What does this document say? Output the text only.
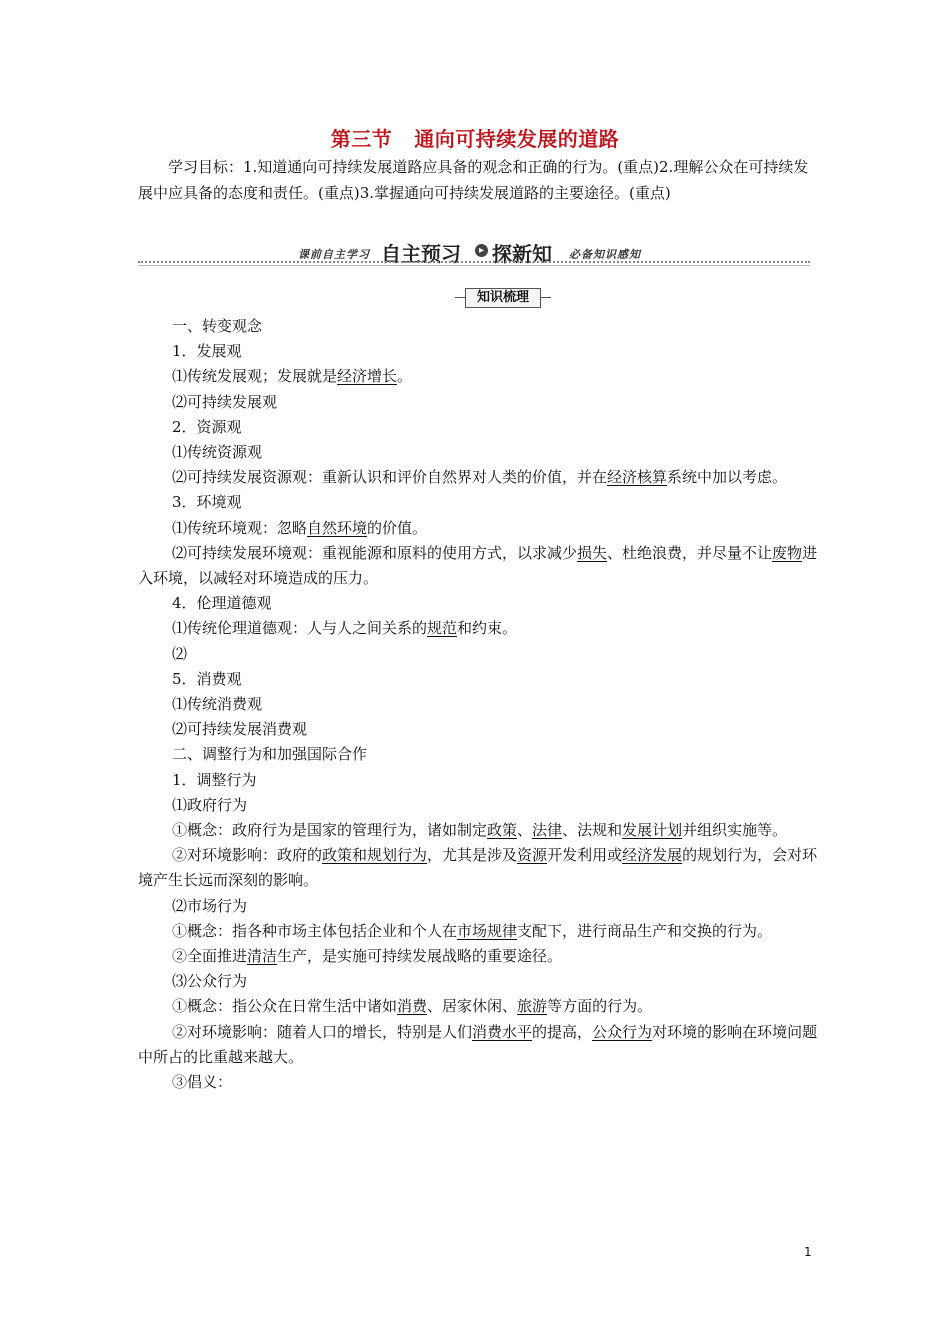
第三节 通向可持续发展的道路
学习目标：1.知道通向可持续发展道路应具备的观念和正确的行为。(重点)2.理解公众在可持续发展中应具备的态度和责任。(重点)3.掌握通向可持续发展道路的主要途径。(重点)
课前自主学习 自主预习	▸ 探新知 必备知识感知
知识梳理

一、转变观念

1．发展观

⑴传统发展观；发展就是经济增长。

⑵可持续发展观

2．资源观

⑴传统资源观

⑵可持续发展资源观：重新认识和评价自然界对人类的价值，并在经济核算系统中加以考虑。

3．环境观

⑴传统环境观：忽略自然环境的价值。

⑵可持续发展环境观：重视能源和原料的使用方式，以求减少损失、杜绝浪费，并尽量不让废物进入环境，以减轻对环境造成的压力。

4．伦理道德观

⑴传统伦理道德观：人与人之间关系的规范和约束。

⑵

5．消费观

⑴传统消费观

⑵可持续发展消费观

二、调整行为和加强国际合作

1．调整行为

⑴政府行为

①概念：政府行为是国家的管理行为，诸如制定政策、法律、法规和发展计划并组织实施等。

②对环境影响：政府的政策和规划行为，尤其是涉及资源开发利用或经济发展的规划行为，会对环境产生长远而深刻的影响。

⑵市场行为

①概念：指各种市场主体包括企业和个人在市场规律支配下，进行商品生产和交换的行为。

②全面推进清洁生产，是实施可持续发展战略的重要途径。

⑶公众行为

①概念：指公众在日常生活中诸如消费、居家休闲、旅游等方面的行为。

②对环境影响：随着人口的增长，特别是人们消费水平的提高，公众行为对环境的影响在环境问题中所占的比重越来越大。

③倡义：

1
